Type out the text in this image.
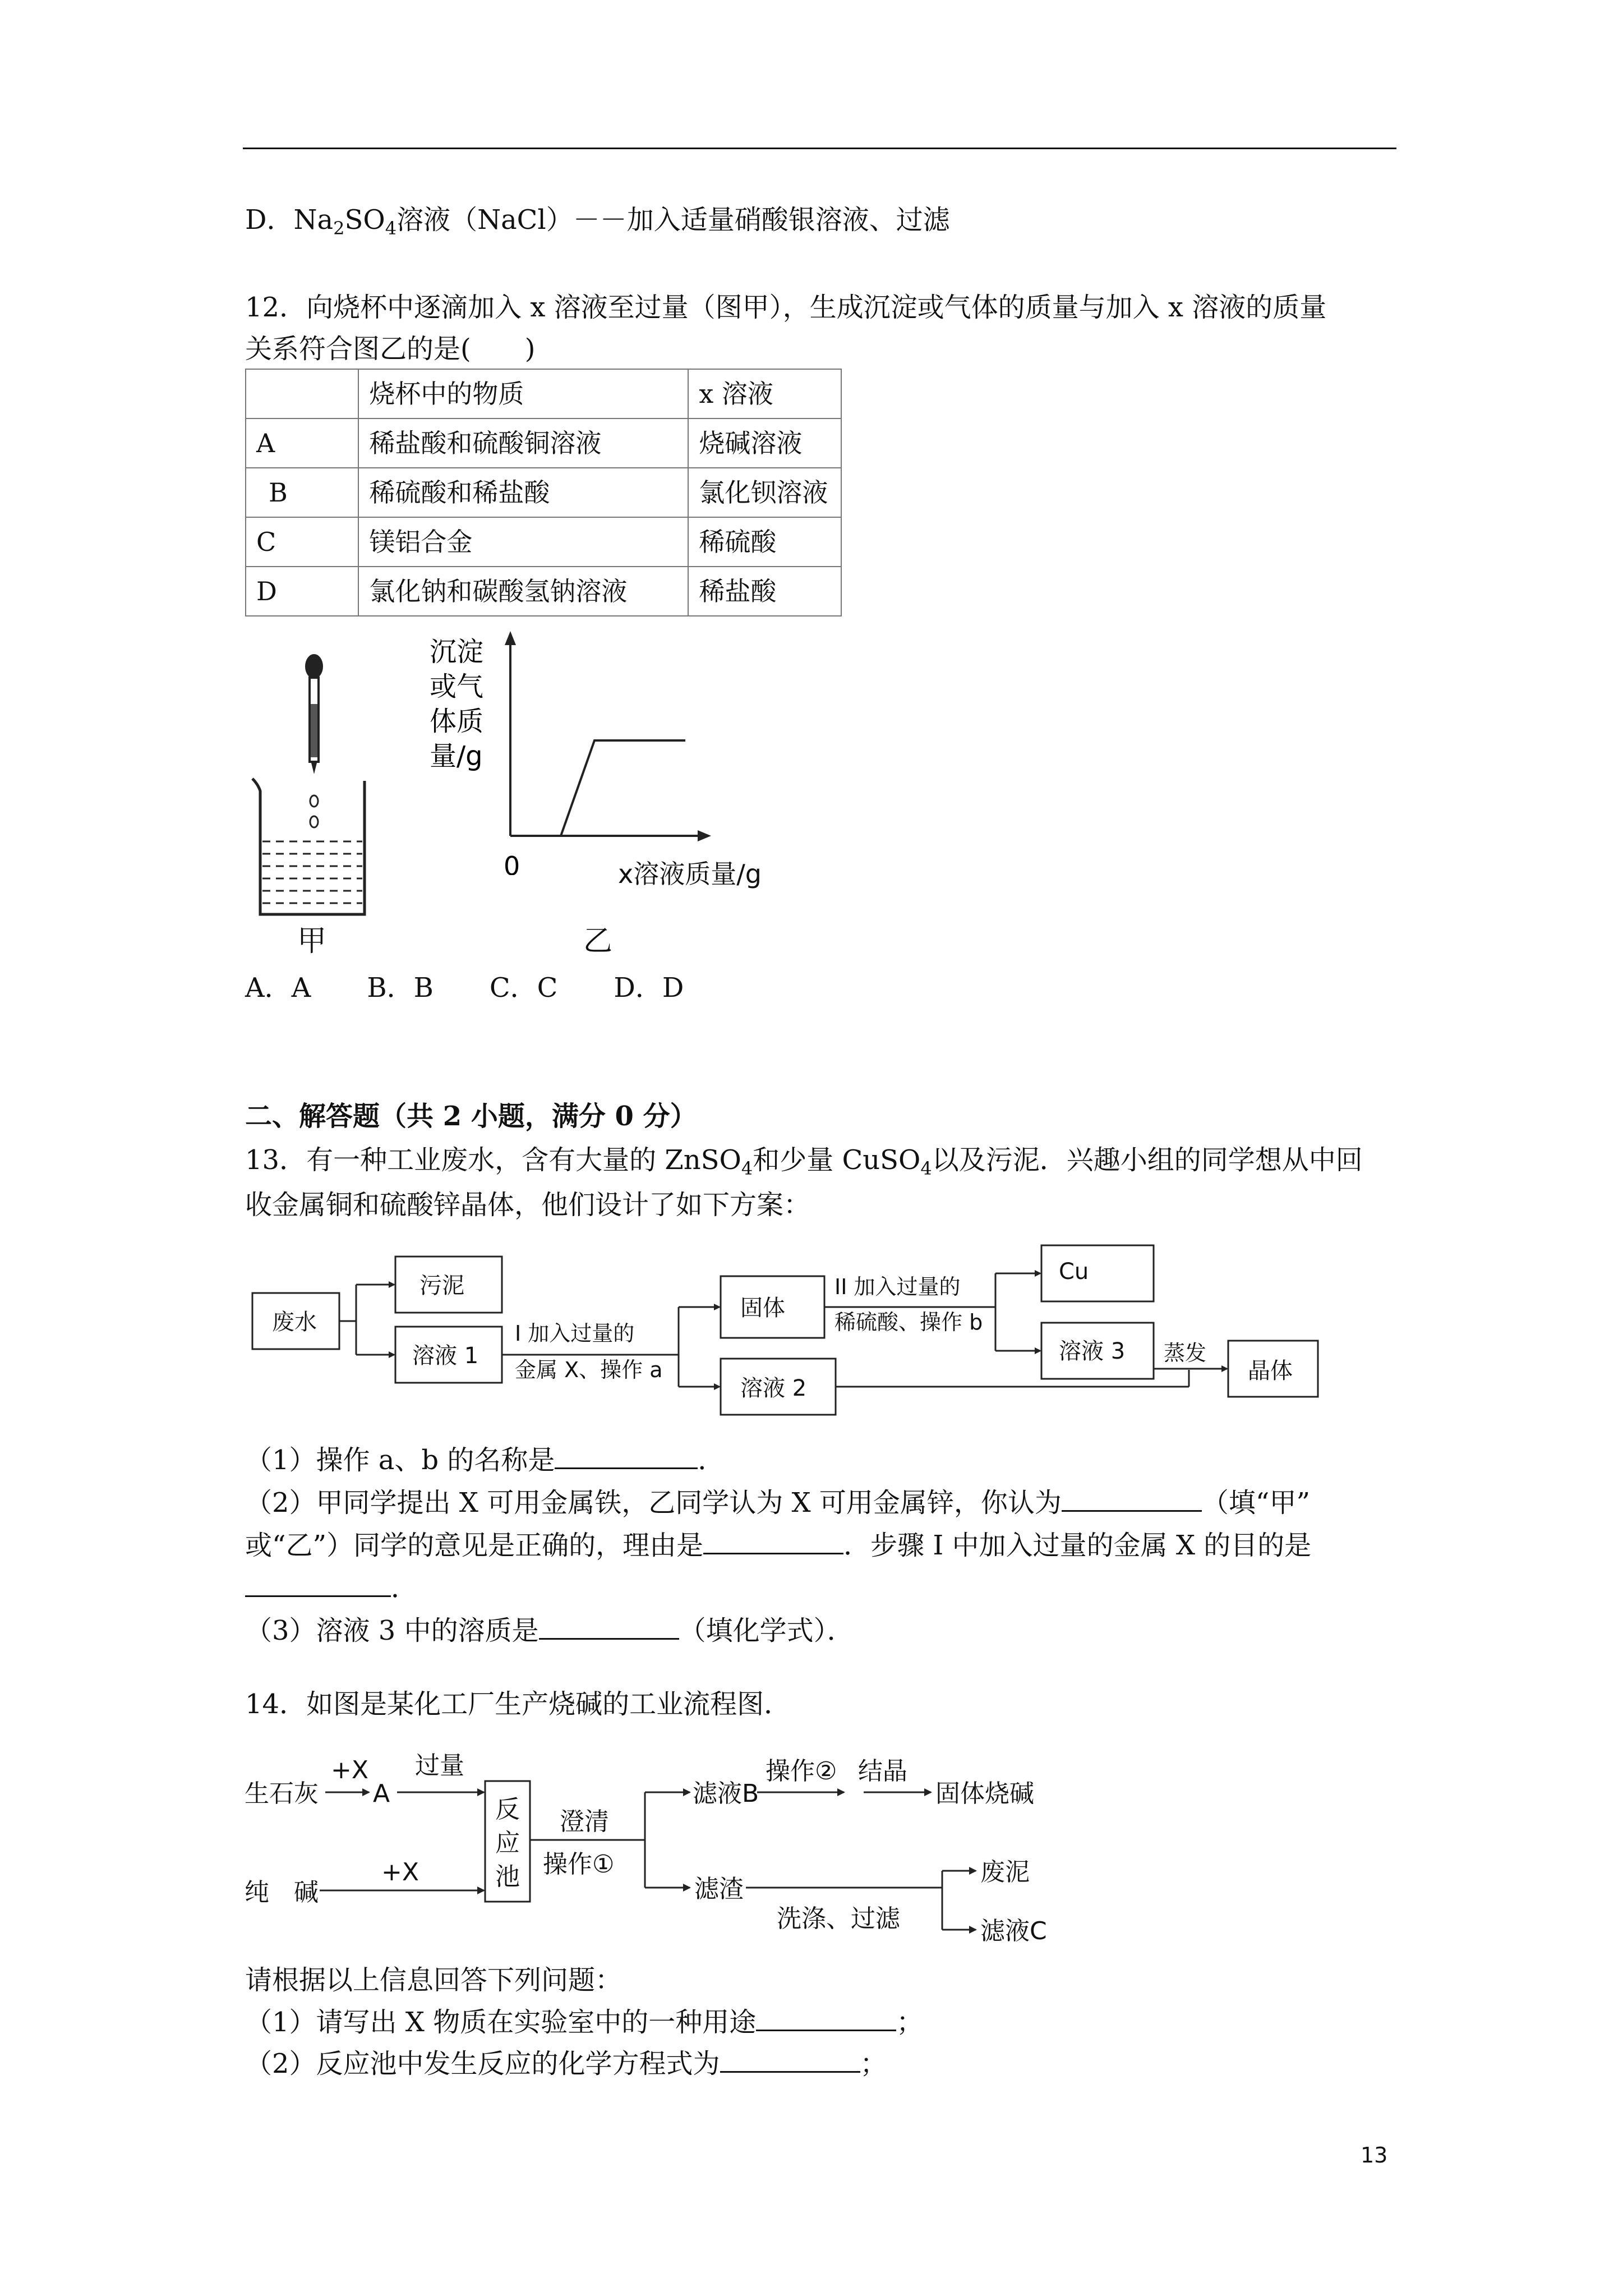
D．$Na_2SO_4$溶液（NaCl）－－加入适量硝酸银溶液、过滤
12．向烧杯中逐滴加入 x 溶液至过量（图甲），生成沉淀或气体的质量与加入 x 溶液的质量
关系符合图乙的是(　　)
	烧杯中的物质	x 溶液
A	稀盐酸和硫酸铜溶液	烧碱溶液
B	稀硫酸和稀盐酸	氯化钡溶液
C	镁铝合金	稀硫酸
D	氯化钠和碳酸氢钠溶液	稀盐酸
甲
沉淀
或气
体质
量/g
0	x溶液质量/g
乙
A．A B．B C．C D．D
二、解答题（共 2 小题，满分 0 分）
13．有一种工业废水，含有大量的 ZnSO$_4$和少量 CuSO$_4$以及污泥．兴趣小组的同学想从中回
收金属铜和硫酸锌晶体，他们设计了如下方案：
废水
污泥
溶液 1
I 加入过量的
金属 X、操作 a
固体
溶液 2
II 加入过量的
稀硫酸、操作 b
Cu
溶液 3 蒸发
晶体
（1）操作 a、b 的名称是	．
（2）甲同学提出 X 可用金属铁，乙同学认为 X 可用金属锌，你认为	（填“甲”
或“乙”）同学的意见是正确的，理由是	．步骤 I 中加入过量的金属 X 的目的是
．
（3）溶液 3 中的溶质是	（填化学式）．
14．如图是某化工厂生产烧碱的工业流程图．
生石灰
+X
A
过量
反
应
池
澄清
操作①
纯　碱
+X
滤液B
操作② 结晶
固体烧碱
滤渣
洗涤、过滤
废泥
滤液C
请根据以上信息回答下列问题：
（1）请写出 X 物质在实验室中的一种用途	；
（2）反应池中发生反应的化学方程式为	；
13
